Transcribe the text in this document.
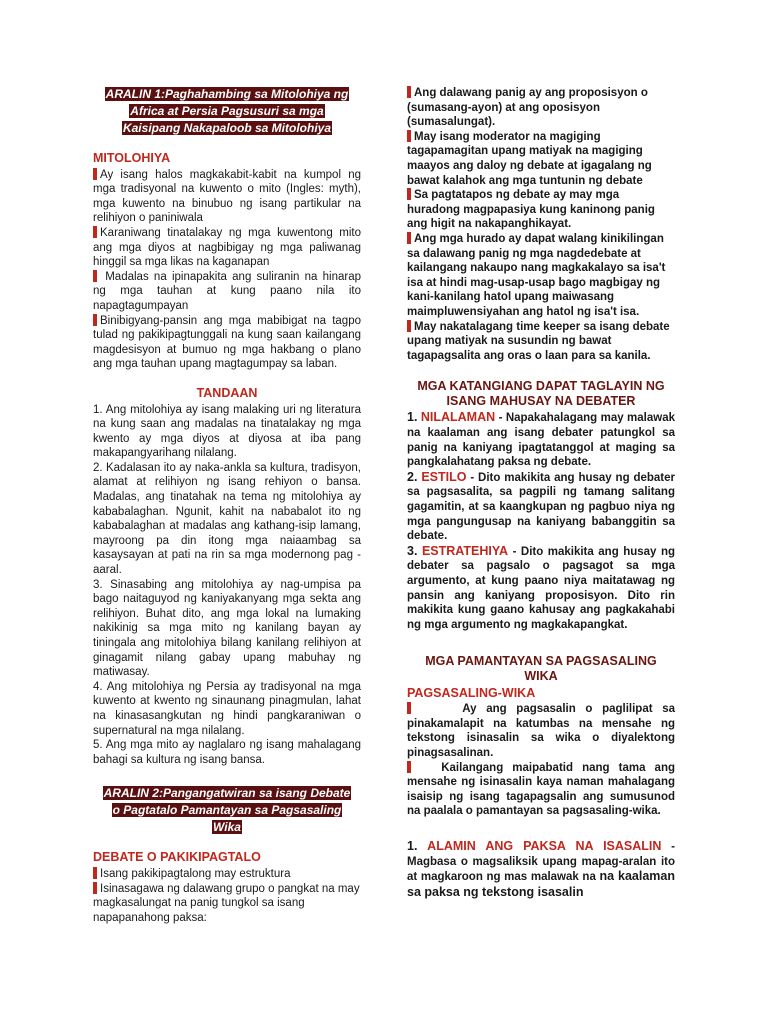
ARALIN 1:Paghahambing sa Mitolohiya ng
Africa at Persia Pagsusuri sa mga
Kaisipang Nakapaloob sa Mitolohiya
MITOLOHIYA

Ay isang halos magkakabit-kabit na kumpol ng mga tradisyonal na kuwento o mito (Ingles: myth), mga kuwento na binubuo ng isang partikular na relihiyon o paniniwala

Karaniwang tinatalakay ng mga kuwentong mito ang mga diyos at nagbibigay ng mga paliwanag hinggil sa mga likas na kaganapan

Madalas na ipinapakita ang suliranin na hinarap ng mga tauhan at kung paano nila ito napagtagumpayan

Binibigyang-pansin ang mga mabibigat na tagpo tulad ng pakikipagtunggali na kung saan kailangang magdesisyon at bumuo ng mga hakbang o plano ang mga tauhan upang magtagumpay sa laban.

TANDAAN

1. Ang mitolohiya ay isang malaking uri ng literatura na kung saan ang madalas na tinatalakay ng mga kwento ay mga diyos at diyosa at iba pang makapangyarihang nilalang.

2. Kadalasan ito ay naka-ankla sa kultura, tradisyon, alamat at relihiyon ng isang rehiyon o bansa. Madalas, ang tinatahak na tema ng mitolohiya ay kababalaghan. Ngunit, kahit na nababalot ito ng kababalaghan at madalas ang kathang-isip lamang, mayroong pa din itong mga naiaambag sa kasaysayan at pati na rin sa mga modernong pag -aaral.

3. Sinasabing ang mitolohiya ay nag-umpisa pa bago naitaguyod ng kaniyakanyang mga sekta ang relihiyon. Buhat dito, ang mga lokal na lumaking nakikinig sa mga mito ng kanilang bayan ay tiningala ang mitolohiya bilang kanilang relihiyon at ginagamit nilang gabay upang mabuhay ng matiwasay.

4. Ang mitolohiya ng Persia ay tradisyonal na mga kuwento at kwento ng sinaunang pinagmulan, lahat na kinasasangkutan ng hindi pangkaraniwan o supernatural na mga nilalang.

5. Ang mga mito ay naglalaro ng isang mahalagang bahagi sa kultura ng isang bansa.

ARALIN 2:Pangangatwiran sa isang Debate
o Pagtatalo Pamantayan sa Pagsasaling
Wika
DEBATE O PAKIKIPAGTALO

Isang pakikipagtalong may estruktura

Isinasagawa ng dalawang grupo o pangkat na may magkasalungat na panig tungkol sa isang napapanahong paksa:

Ang dalawang panig ay ang proposisyon o (sumasang-ayon) at ang oposisyon (sumasalungat).

May isang moderator na magiging tagapamagitan upang matiyak na magiging maayos ang daloy ng debate at igagalang ng bawat kalahok ang mga tuntunin ng debate

Sa pagtatapos ng debate ay may mga huradong magpapasiya kung kaninong panig ang higit na nakapanghikayat.

Ang mga hurado ay dapat walang kinikilingan sa dalawang panig ng mga nagdedebate at kailangang nakaupo nang magkakalayo sa isa't isa at hindi mag-usap-usap bago magbigay ng kani-kanilang hatol upang maiwasang maimpluwensiyahan ang hatol ng isa't isa.

May nakatalagang time keeper sa isang debate upang matiyak na susundin ng bawat tagapagsalita ang oras o laan para sa kanila.

MGA KATANGIANG DAPAT TAGLAYIN NG ISANG MAHUSAY NA DEBATER

1. NILALAMAN - Napakahalagang may malawak na kaalaman ang isang debater patungkol sa panig na kaniyang ipagtatanggol at maging sa pangkalahatang paksa ng debate.

2. ESTILO - Dito makikita ang husay ng debater sa pagsasalita, sa pagpili ng tamang salitang gagamitin, at sa kaangkupan ng pagbuo niya ng mga pangungusap na kaniyang babanggitin sa debate.

3. ESTRATEHIYA - Dito makikita ang husay ng debater sa pagsalo o pagsagot sa mga argumento, at kung paano niya maitatawag ng pansin ang kaniyang proposisyon. Dito rin makikita kung gaano kahusay ang pagkakahabi ng mga argumento ng magkakapangkat.

MGA PAMANTAYAN SA PAGSASALING WIKA
PAGSASALING-WIKA

Ay ang pagsasalin o paglilipat sa pinakamalapit na katumbas na mensahe ng tekstong isinasalin sa wika o diyalektong pinagsasalinan.

Kailangang maipabatid nang tama ang mensahe ng isinasalin kaya naman mahalagang isaisip ng isang tagapagsalin ang sumusunod na paalala o pamantayan sa pagsasaling-wika.

1. ALAMIN ANG PAKSA NA ISASALIN - Magbasa o magsaliksik upang mapag-aralan ito at magkaroon ng mas malawak na na kaalaman sa paksa ng tekstong isasalin
